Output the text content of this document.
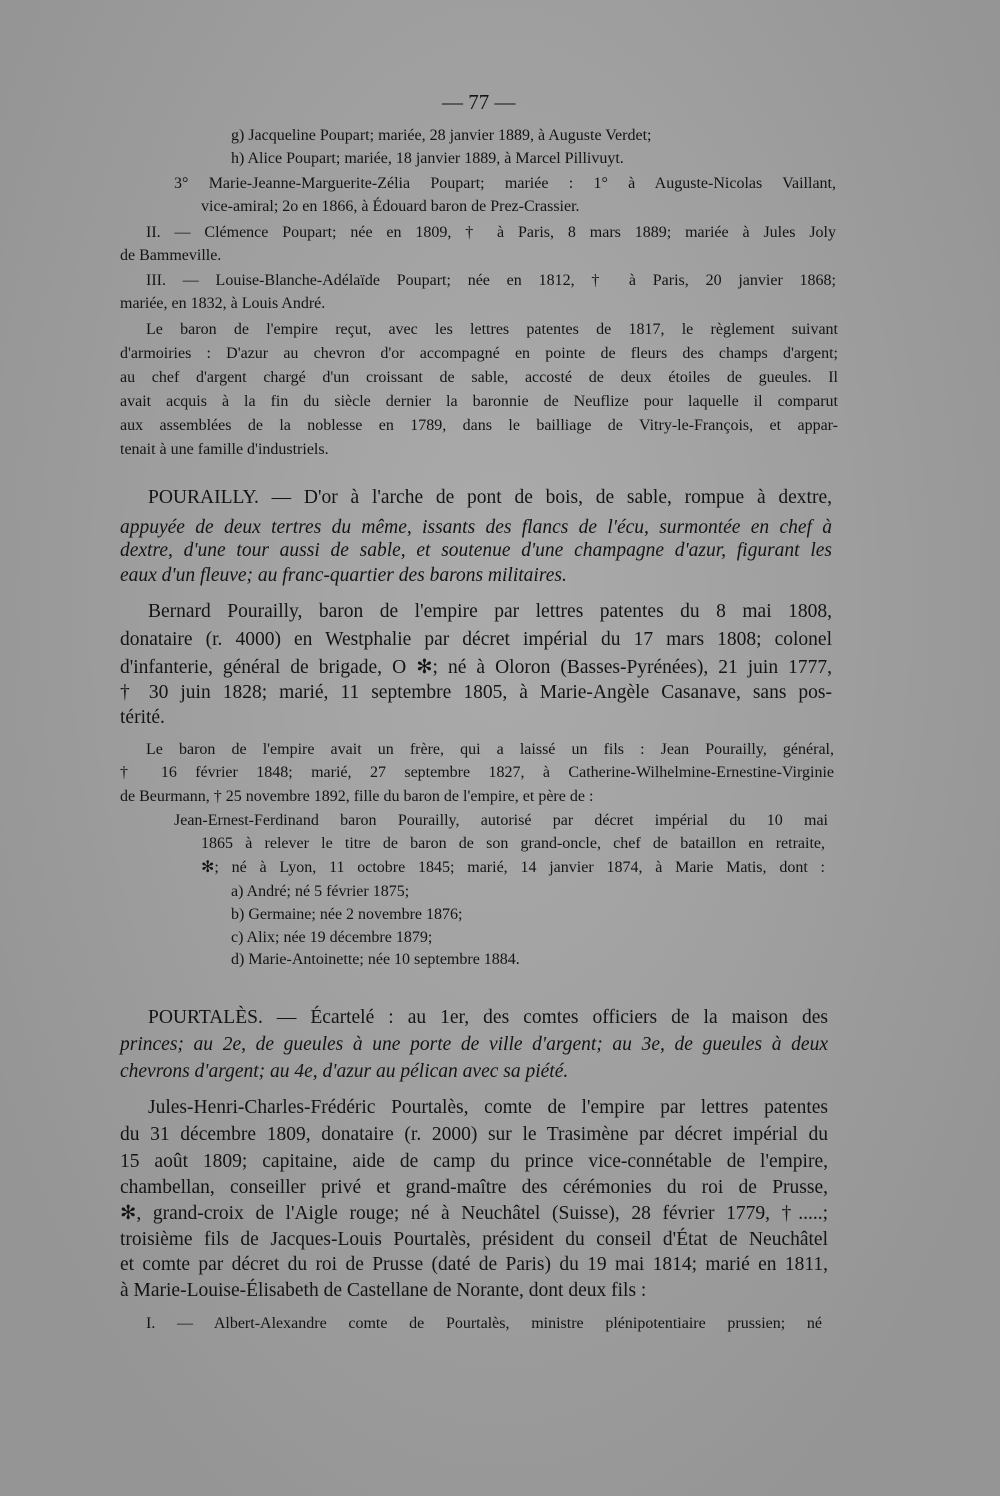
— 77 —
g) Jacqueline Poupart; mariée, 28 janvier 1889, à Auguste Verdet;
h) Alice Poupart; mariée, 18 janvier 1889, à Marcel Pillivuyt.
3° Marie-Jeanne-Marguerite-Zélia Poupart; mariée : 1° à Auguste-Nicolas Vaillant,
vice-amiral; 2o en 1866, à Édouard baron de Prez-Crassier.
II. — Clémence Poupart; née en 1809, † à Paris, 8 mars 1889; mariée à Jules Joly
de Bammeville.
III. — Louise-Blanche-Adélaïde Poupart; née en 1812, † à Paris, 20 janvier 1868;
mariée, en 1832, à Louis André.
Le baron de l'empire reçut, avec les lettres patentes de 1817, le règlement suivant
d'armoiries : D'azur au chevron d'or accompagné en pointe de fleurs des champs d'argent;
au chef d'argent chargé d'un croissant de sable, accosté de deux étoiles de gueules. Il
avait acquis à la fin du siècle dernier la baronnie de Neuflize pour laquelle il comparut
aux assemblées de la noblesse en 1789, dans le bailliage de Vitry-le-François, et appar-
tenait à une famille d'industriels.
POURAILLY. — D'or à l'arche de pont de bois, de sable, rompue à dextre,
appuyée de deux tertres du même, issants des flancs de l'écu, surmontée en chef à
dextre, d'une tour aussi de sable, et soutenue d'une champagne d'azur, figurant les
eaux d'un fleuve; au franc-quartier des barons militaires.
Bernard Pourailly, baron de l'empire par lettres patentes du 8 mai 1808,
donataire (r. 4000) en Westphalie par décret impérial du 17 mars 1808; colonel
d'infanterie, général de brigade, O ✻; né à Oloron (Basses-Pyrénées), 21 juin 1777,
† 30 juin 1828; marié, 11 septembre 1805, à Marie-Angèle Casanave, sans pos-
térité.
Le baron de l'empire avait un frère, qui a laissé un fils : Jean Pourailly, général,
† 16 février 1848; marié, 27 septembre 1827, à Catherine-Wilhelmine-Ernestine-Virginie
de Beurmann, † 25 novembre 1892, fille du baron de l'empire, et père de :
Jean-Ernest-Ferdinand baron Pourailly, autorisé par décret impérial du 10 mai
1865 à relever le titre de baron de son grand-oncle, chef de bataillon en retraite,
✻; né à Lyon, 11 octobre 1845; marié, 14 janvier 1874, à Marie Matis, dont :
a) André; né 5 février 1875;
b) Germaine; née 2 novembre 1876;
c) Alix; née 19 décembre 1879;
d) Marie-Antoinette; née 10 septembre 1884.
POURTALÈS. — Écartelé : au 1er, des comtes officiers de la maison des
princes; au 2e, de gueules à une porte de ville d'argent; au 3e, de gueules à deux
chevrons d'argent; au 4e, d'azur au pélican avec sa piété.
Jules-Henri-Charles-Frédéric Pourtalès, comte de l'empire par lettres patentes
du 31 décembre 1809, donataire (r. 2000) sur le Trasimène par décret impérial du
15 août 1809; capitaine, aide de camp du prince vice-connétable de l'empire,
chambellan, conseiller privé et grand-maître des cérémonies du roi de Prusse,
✻, grand-croix de l'Aigle rouge; né à Neuchâtel (Suisse), 28 février 1779, †.....;
troisième fils de Jacques-Louis Pourtalès, président du conseil d'État de Neuchâtel
et comte par décret du roi de Prusse (daté de Paris) du 19 mai 1814; marié en 1811,
à Marie-Louise-Élisabeth de Castellane de Norante, dont deux fils :
I. — Albert-Alexandre comte de Pourtalès, ministre plénipotentiaire prussien; né
